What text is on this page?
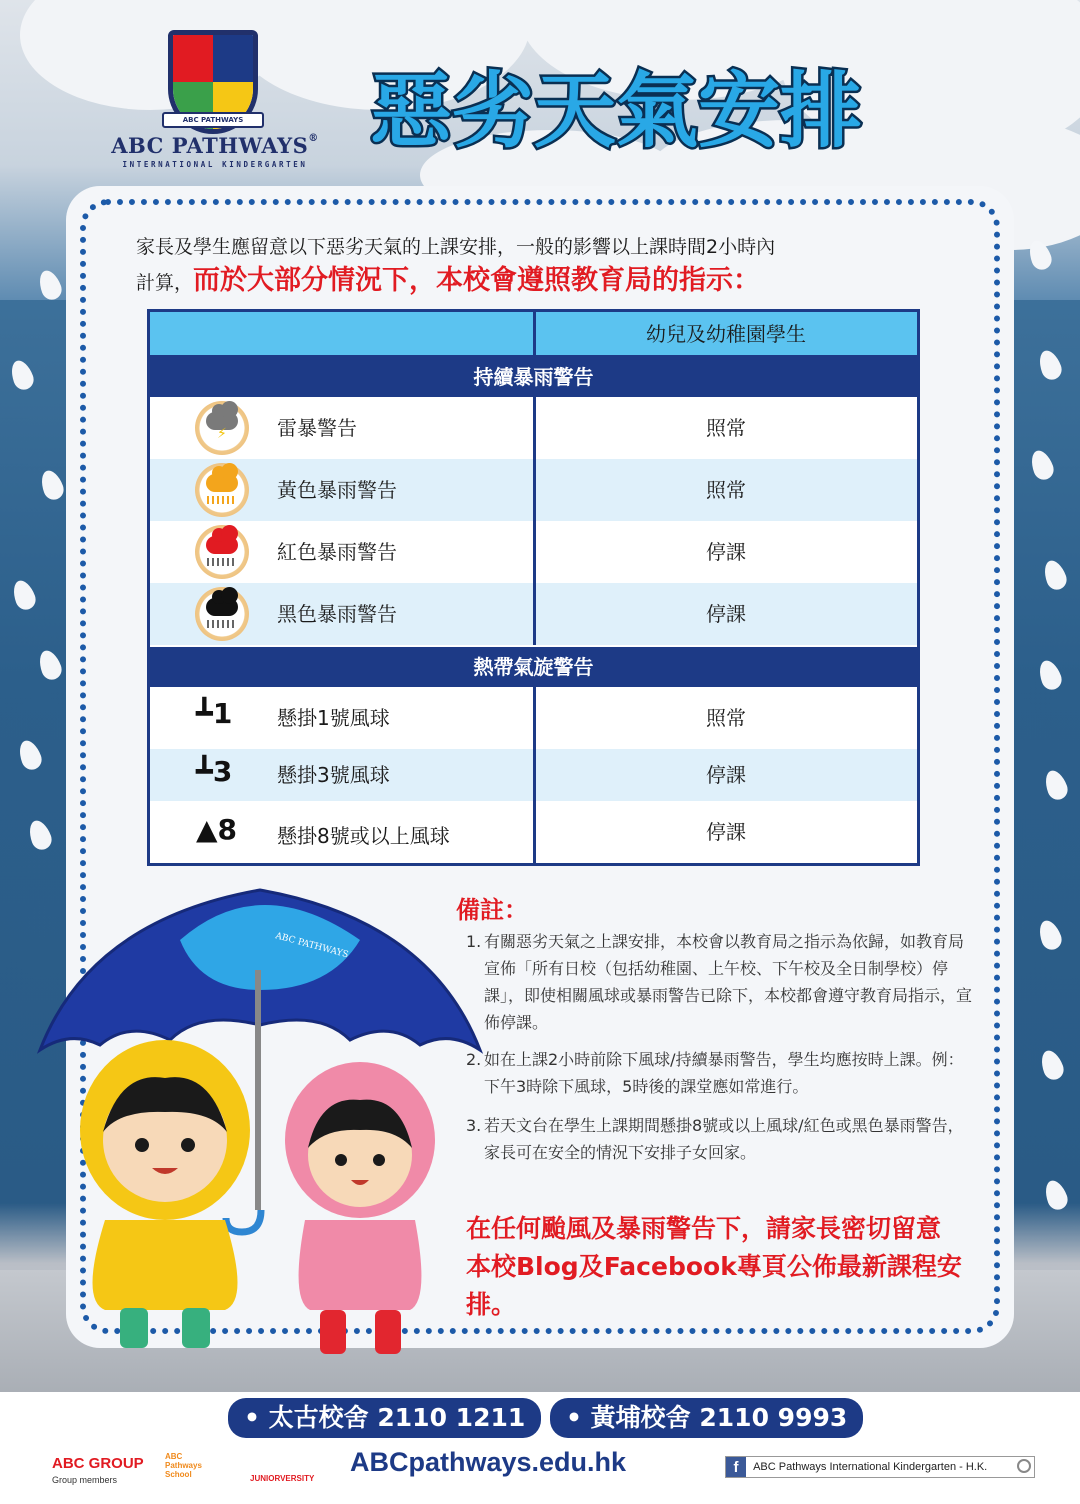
ABC PATHWAYS
ABC PATHWAYS®
INTERNATIONAL KINDERGARTEN
惡劣天氣安排
家長及學生應留意以下惡劣天氣的上課安排，一般的影響以上課時間2小時內
計算，而於大部分情況下，本校會遵照教育局的指示：
幼兒及幼稚園學生
持續暴雨警告
⚡	雷暴警告	照常
黃色暴雨警告	照常
紅色暴雨警告	停課
黑色暴雨警告	停課
熱帶氣旋警告
┻1 懸掛1號風球	照常
┻3 懸掛3號風球	停課
▲8 懸掛8號或以上風球	停課
備註：
1. 有關惡劣天氣之上課安排，本校會以教育局之指示為依歸，如教育局宣佈「所有日校（包括幼稚園、上午校、下午校及全日制學校）停課」，即使相關風球或暴雨警告已除下，本校都會遵守教育局指示，宣佈停課。
2. 如在上課2小時前除下風球/持續暴雨警告，學生均應按時上課。例：下午3時除下風球，5時後的課堂應如常進行。
3. 若天文台在學生上課期間懸掛8號或以上風球/紅色或黑色暴雨警告，家長可在安全的情況下安排子女回家。
在任何颱風及暴雨警告下，請家長密切留意
本校Blog及Facebook專頁公佈最新課程安排。
ABC PATHWAYS
• 太古校舍 2110 1211	• 黃埔校舍 2110 9993
ABCpathways.edu.hk
ABC GROUP
Group members
ABC
Pathways
School	JUNIORVERSITY
f ABC Pathways International Kindergarten - H.K.
